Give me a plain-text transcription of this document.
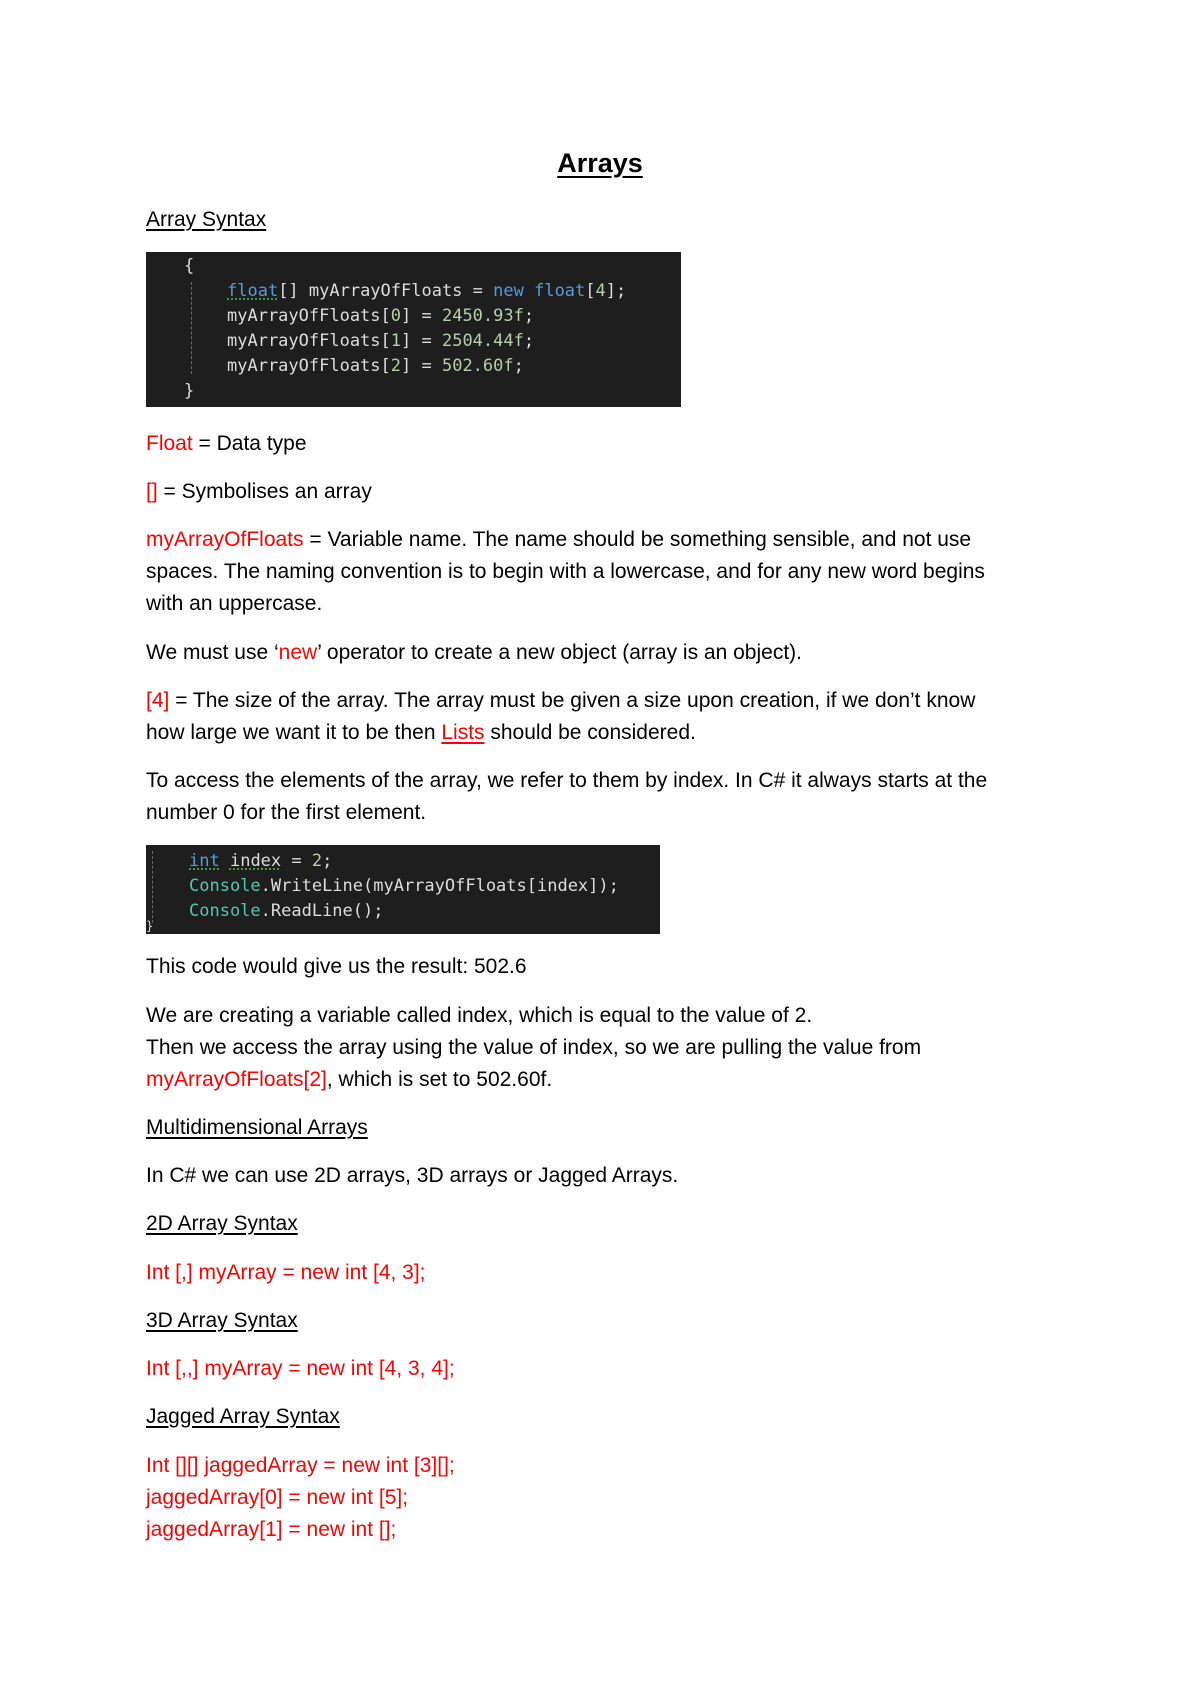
Arrays
Array Syntax
{
float[] myArrayOfFloats = new float[4];
myArrayOfFloats[0] = 2450.93f;
myArrayOfFloats[1] = 2504.44f;
myArrayOfFloats[2] = 502.60f;
}
Float = Data type
[] = Symbolises an array
myArrayOfFloats = Variable name. The name should be something sensible, and not use
spaces. The naming convention is to begin with a lowercase, and for any new word begins
with an uppercase.
We must use ‘new’ operator to create a new object (array is an object).
[4] = The size of the array. The array must be given a size upon creation, if we don’t know
how large we want it to be then Lists should be considered.
To access the elements of the array, we refer to them by index. In C# it always starts at the
number 0 for the first element.
int index = 2;
Console.WriteLine(myArrayOfFloats[index]);
Console.ReadLine();
}
This code would give us the result: 502.6
We are creating a variable called index, which is equal to the value of 2.
Then we access the array using the value of index, so we are pulling the value from
myArrayOfFloats[2], which is set to 502.60f.
Multidimensional Arrays
In C# we can use 2D arrays, 3D arrays or Jagged Arrays.
2D Array Syntax
Int [,] myArray = new int [4, 3];
3D Array Syntax
Int [,,] myArray = new int [4, 3, 4];
Jagged Array Syntax
Int [][] jaggedArray = new int [3][];
jaggedArray[0] = new int [5];
jaggedArray[1] = new int [];
